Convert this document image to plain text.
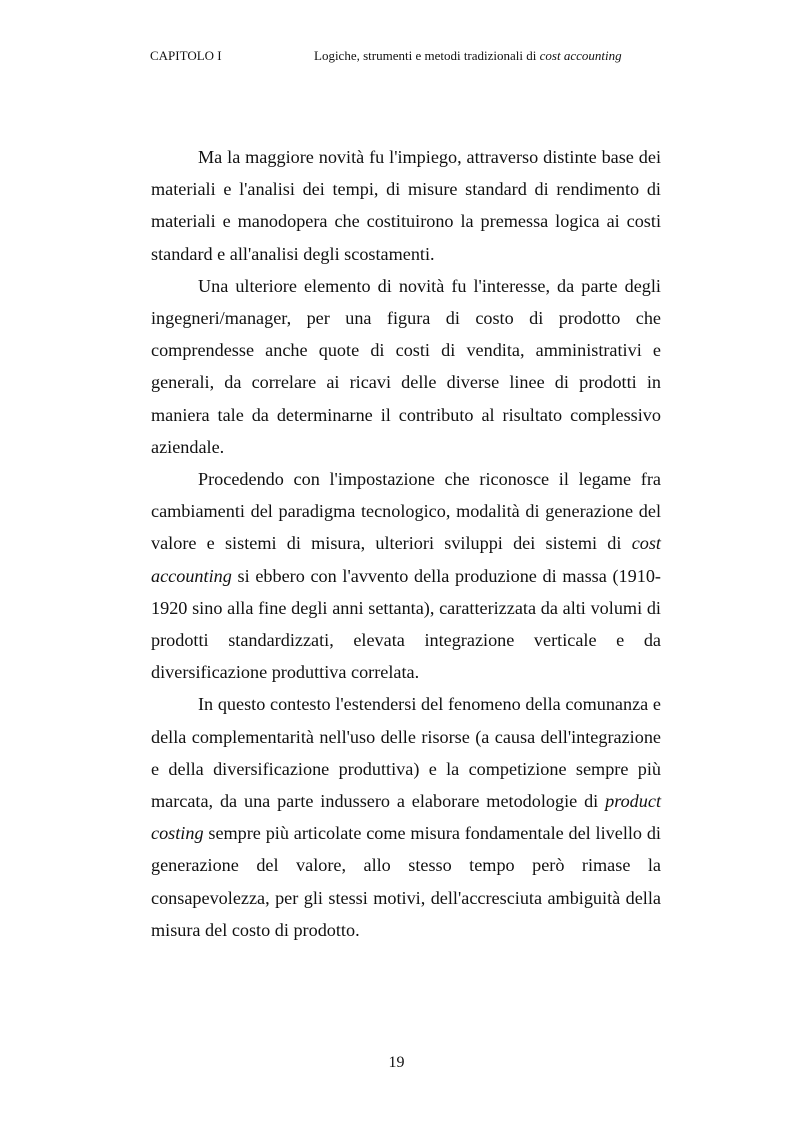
CAPITOLO I	Logiche, strumenti e metodi tradizionali di cost accounting

Ma la maggiore novità fu l'impiego, attraverso distinte base dei materiali e l'analisi dei tempi, di misure standard di rendimento di materiali e manodopera che costituirono la premessa logica ai costi standard e all'analisi degli scostamenti.

Una ulteriore elemento di novità fu l'interesse, da parte degli ingegneri/manager, per una figura di costo di prodotto che comprendesse anche quote di costi di vendita, amministrativi e generali, da correlare ai ricavi delle diverse linee di prodotti in maniera tale da determinarne il contributo al risultato complessivo aziendale.

Procedendo con l'impostazione che riconosce il legame fra cambiamenti del paradigma tecnologico, modalità di generazione del valore e sistemi di misura, ulteriori sviluppi dei sistemi di cost accounting si ebbero con l'avvento della produzione di massa (1910-1920 sino alla fine degli anni settanta), caratterizzata da alti volumi di prodotti standardizzati, elevata integrazione verticale e da diversificazione produttiva correlata.

In questo contesto l'estendersi del fenomeno della comunanza e della complementarità nell'uso delle risorse (a causa dell'integrazione e della diversificazione produttiva) e la competizione sempre più marcata, da una parte indussero a elaborare metodologie di product costing sempre più articolate come misura fondamentale del livello di generazione del valore, allo stesso tempo però rimase la consapevolezza, per gli stessi motivi, dell'accresciuta ambiguità della misura del costo di prodotto.

19
